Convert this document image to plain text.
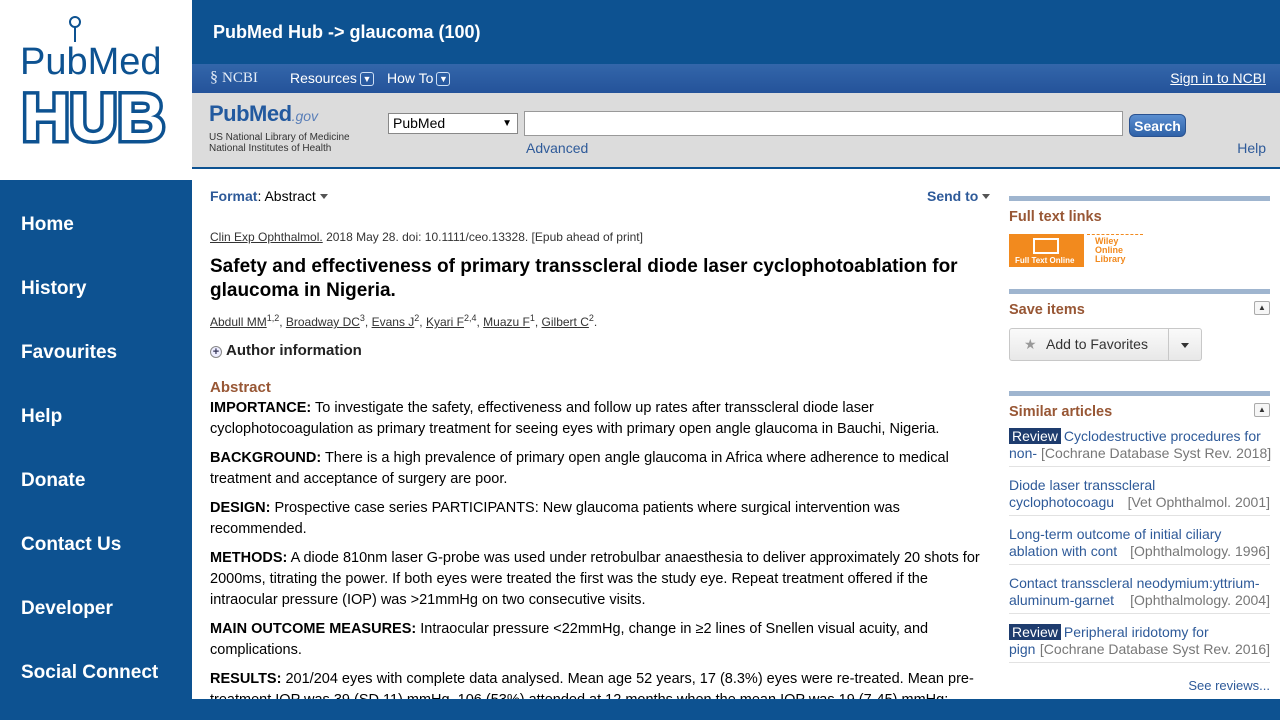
PubMed
HUB
Home
History
Favourites
Help
Donate
Contact Us
Developer
Social Connect
PubMed Hub -> glaucoma (100)
§ NCBI Resources ▼ How To ▼	Sign in to NCBI
PubMed.gov
US National Library of Medicine
National Institutes of Health
PubMed	▼	Search
Advanced	Help
Format: Abstract	Send to
Clin Exp Ophthalmol. 2018 May 28. doi: 10.1111/ceo.13328. [Epub ahead of print]
Safety and effectiveness of primary transscleral diode laser cyclophotoablation for glaucoma in Nigeria.
Abdull MM$^{1,2}$, Broadway $DC^3$, Evans $J^2$, Kyari F$^{2,4}$, Muazu $F^1$, Gilbert $C^2$.
+ Author information
Abstract

IMPORTANCE: To investigate the safety, effectiveness and follow up rates after transscleral diode laser cyclophotocoagulation as primary treatment for seeing eyes with primary open angle glaucoma in Bauchi, Nigeria.

BACKGROUND: There is a high prevalence of primary open angle glaucoma in Africa where adherence to medical treatment and acceptance of surgery are poor.

DESIGN: Prospective case series PARTICIPANTS: New glaucoma patients where surgical intervention was recommended.

METHODS: A diode 810nm laser G-probe was used under retrobulbar anaesthesia to deliver approximately 20 shots for 2000ms, titrating the power. If both eyes were treated the first was the study eye. Repeat treatment offered if the intraocular pressure (IOP) was >21mmHg on two consecutive visits.

MAIN OUTCOME MEASURES: Intraocular pressure <22mmHg, change in ≥2 lines of Snellen visual acuity, and complications.

RESULTS: 201/204 eyes with complete data analysed. Mean age 52 years, 17 (8.3%) eyes were re-treated. Mean pre-

Full text links
Full Text Online
Wiley
Online
Library
Save items	▲
★ Add to Favorites
Similar articles	▲
Review Cyclodestructive procedures for
non- [Cochrane Database Syst Rev. 2018]
Diode laser transscleral
cyclophotocoagu [Vet Ophthalmol. 2001]
Long-term outcome of initial ciliary
ablation with cont [Ophthalmology. 1996]
Contact transscleral neodymium:yttrium-
aluminum-garnet [Ophthalmology. 2004]
Review Peripheral iridotomy for
pign [Cochrane Database Syst Rev. 2016]
See reviews...
